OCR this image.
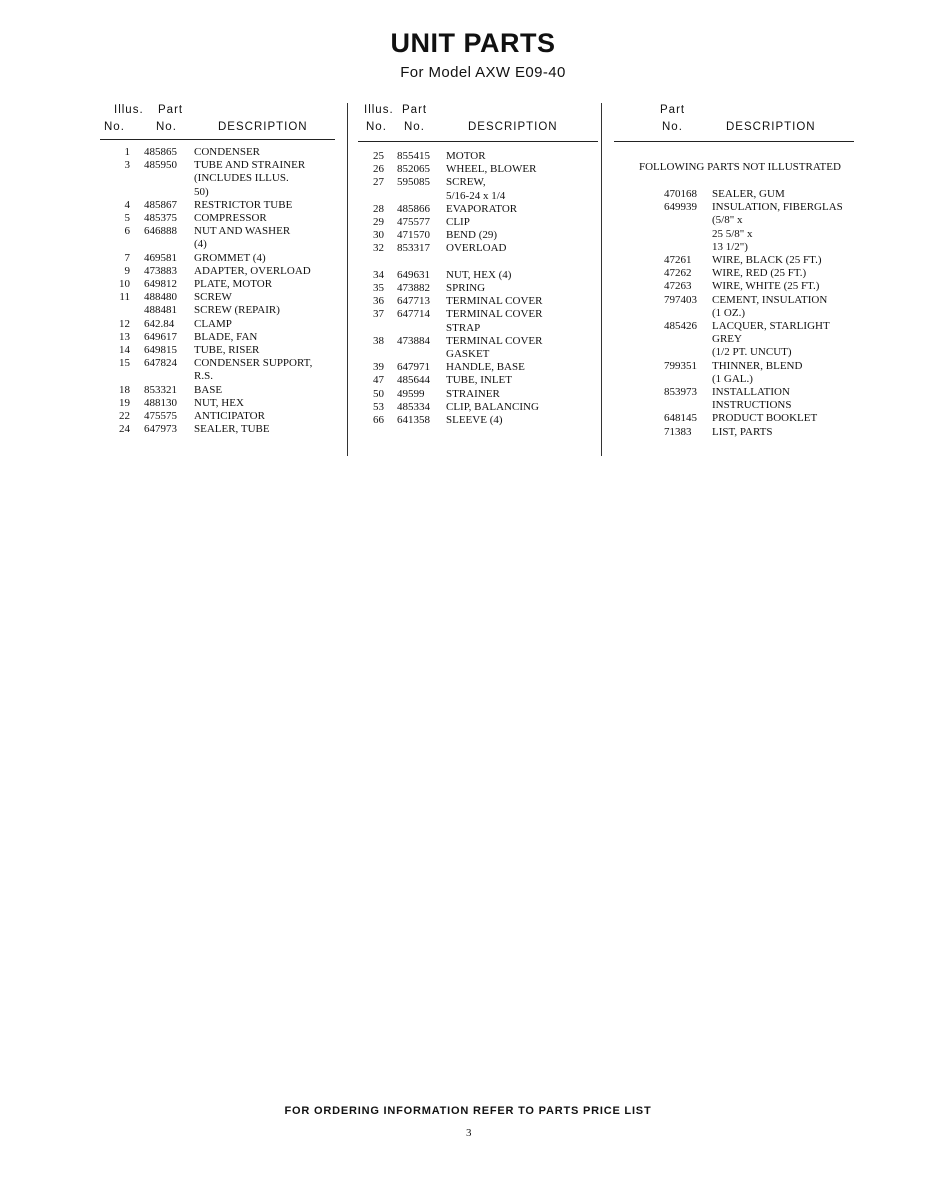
UNIT PARTS
For Model AXW E09-40
Illus. Part
No.	No.	DESCRIPTION
1 485865 CONDENSER
3 485950 TUBE AND STRAINER
(INCLUDES ILLUS.
50)
4 485867 RESTRICTOR TUBE
5 485375 COMPRESSOR
6 646888 NUT AND WASHER
(4)
7 469581 GROMMET (4)
9 473883 ADAPTER, OVERLOAD
10 649812 PLATE, MOTOR
11 488480 SCREW
488481 SCREW (REPAIR)
12 642.84 CLAMP
13 649617 BLADE, FAN
14 649815 TUBE, RISER
15 647824 CONDENSER SUPPORT,
R.S.
18 853321 BASE
19 488130 NUT, HEX
22 475575 ANTICIPATOR
24 647973 SEALER, TUBE
Illus. Part
No. No.	DESCRIPTION
25 855415 MOTOR
26 852065 WHEEL, BLOWER
27 595085 SCREW,
5/16-24 x 1/4
28 485866 EVAPORATOR
29 475577 CLIP
30 471570 BEND (29)
32 853317 OVERLOAD
34 649631 NUT, HEX (4)
35 473882 SPRING
36 647713 TERMINAL COVER
37 647714 TERMINAL COVER
STRAP
38 473884 TERMINAL COVER
GASKET
39 647971 HANDLE, BASE
47 485644 TUBE, INLET
50 49599 STRAINER
53 485334 CLIP, BALANCING
66 641358 SLEEVE (4)
Part
No.	DESCRIPTION
FOLLOWING PARTS NOT ILLUSTRATED
470168 SEALER, GUM
649939 INSULATION, FIBERGLAS
(5/8" x
25 5/8" x
13 1/2")
47261 WIRE, BLACK (25 FT.)
47262 WIRE, RED (25 FT.)
47263 WIRE, WHITE (25 FT.)
797403 CEMENT, INSULATION
(1 OZ.)
485426 LACQUER, STARLIGHT
GREY
(1/2 PT. UNCUT)
799351 THINNER, BLEND
(1 GAL.)
853973 INSTALLATION
INSTRUCTIONS
648145 PRODUCT BOOKLET
71383 LIST, PARTS
FOR ORDERING INFORMATION REFER TO PARTS PRICE LIST
3
